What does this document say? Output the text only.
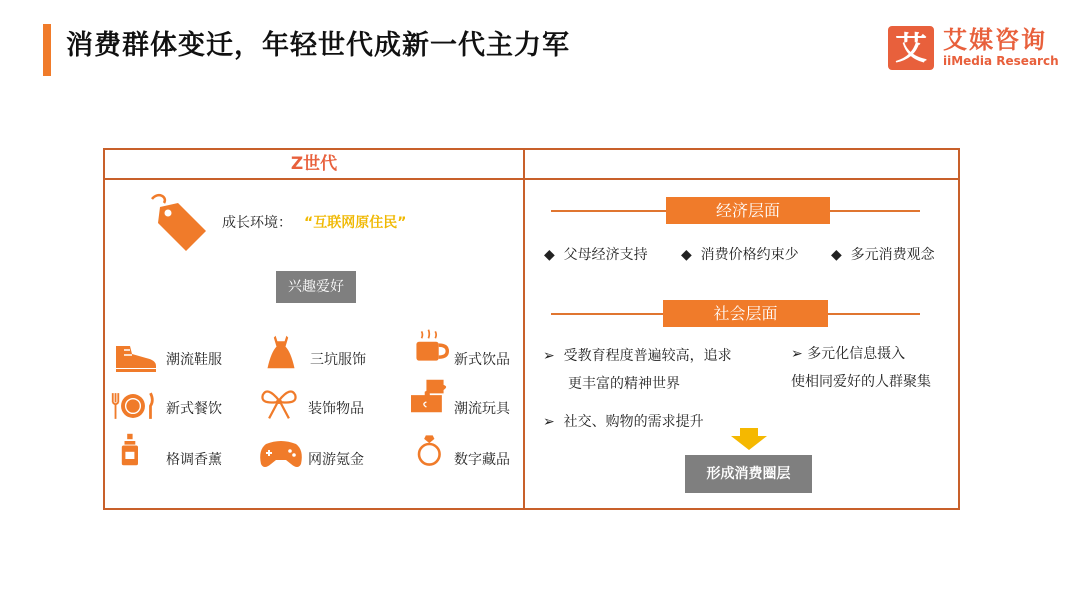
消费群体变迁，年轻世代成新一代主力军	艾 艾媒咨询
iiMedia Research
Z世代
成长环境： “互联网原住民”
兴趣爱好
潮流鞋服	三坑服饰	新式饮品
新式餐饮	装饰物品	潮流玩具
格调香薰	网游氪金	数字藏品
经济层面
◆  父母经济支持 ◆  消费价格约束少 ◆  多元消费观念
社会层面
➢ 受教育程度普遍较高，追求
更丰富的精神世界
➢ 社交、购物的需求提升
➢ 多元化信息摄入
使相同爱好的人群聚集
形成消费圈层
